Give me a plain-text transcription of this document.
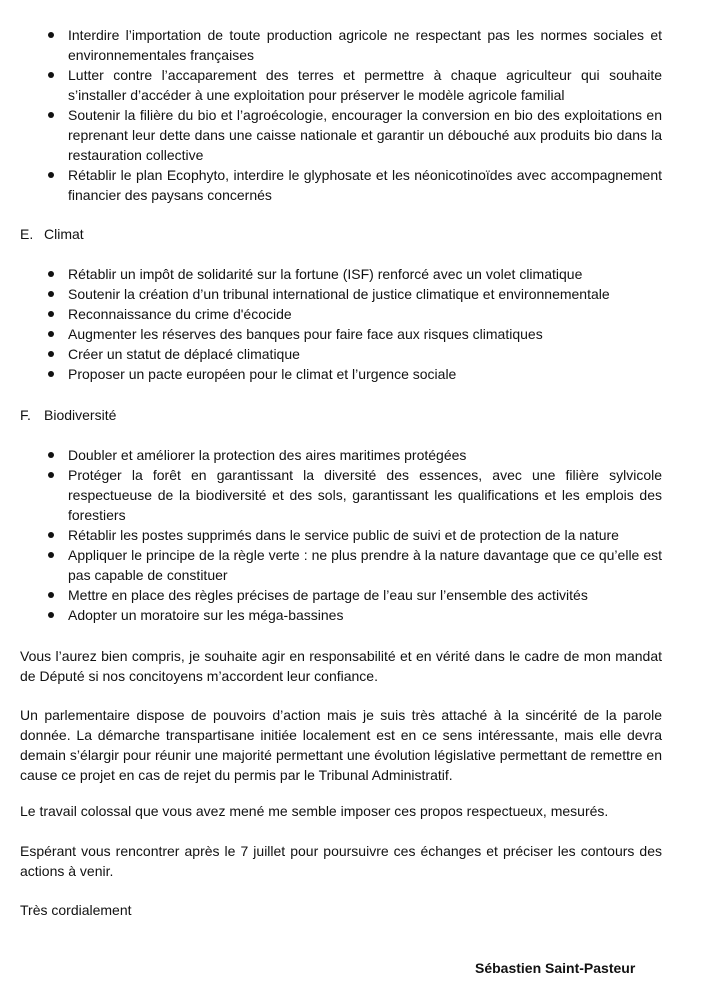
Interdire l’importation de toute production agricole ne respectant pas les normes sociales et environnementales françaises
Lutter contre l’accaparement des terres et permettre à chaque agriculteur qui souhaite s’installer d’accéder à une exploitation pour préserver le modèle agricole familial
Soutenir la filière du bio et l’agroécologie, encourager la conversion en bio des exploitations en reprenant leur dette dans une caisse nationale et garantir un débouché aux produits bio dans la restauration collective
Rétablir le plan Ecophyto, interdire le glyphosate et les néonicotinoïdes avec accompagnement financier des paysans concernés
E. Climat
Rétablir un impôt de solidarité sur la fortune (ISF) renforcé avec un volet climatique
Soutenir la création d’un tribunal international de justice climatique et environnementale
Reconnaissance du crime d'écocide
Augmenter les réserves des banques pour faire face aux risques climatiques
Créer un statut de déplacé climatique
Proposer un pacte européen pour le climat et l’urgence sociale
F. Biodiversité
Doubler et améliorer la protection des aires maritimes protégées
Protéger la forêt en garantissant la diversité des essences, avec une filière sylvicole respectueuse de la biodiversité et des sols, garantissant les qualifications et les emplois des forestiers
Rétablir les postes supprimés dans le service public de suivi et de protection de la nature
Appliquer le principe de la règle verte : ne plus prendre à la nature davantage que ce qu’elle est pas capable de constituer
Mettre en place des règles précises de partage de l’eau sur l’ensemble des activités
Adopter un moratoire sur les méga-bassines

Vous l’aurez bien compris, je souhaite agir en responsabilité et en vérité dans le cadre de mon mandat de Député si nos concitoyens m’accordent leur confiance.

Un parlementaire dispose de pouvoirs d’action mais je suis très attaché à la sincérité de la parole donnée. La démarche transpartisane initiée localement est en ce sens intéressante, mais elle devra demain s’élargir pour réunir une majorité permettant une évolution législative permettant de remettre en cause ce projet en cas de rejet du permis par le Tribunal Administratif.

Le travail colossal que vous avez mené me semble imposer ces propos respectueux, mesurés.

Espérant vous rencontrer après le 7 juillet pour poursuivre ces échanges et préciser les contours des actions à venir.

Très cordialement

Sébastien Saint-Pasteur
